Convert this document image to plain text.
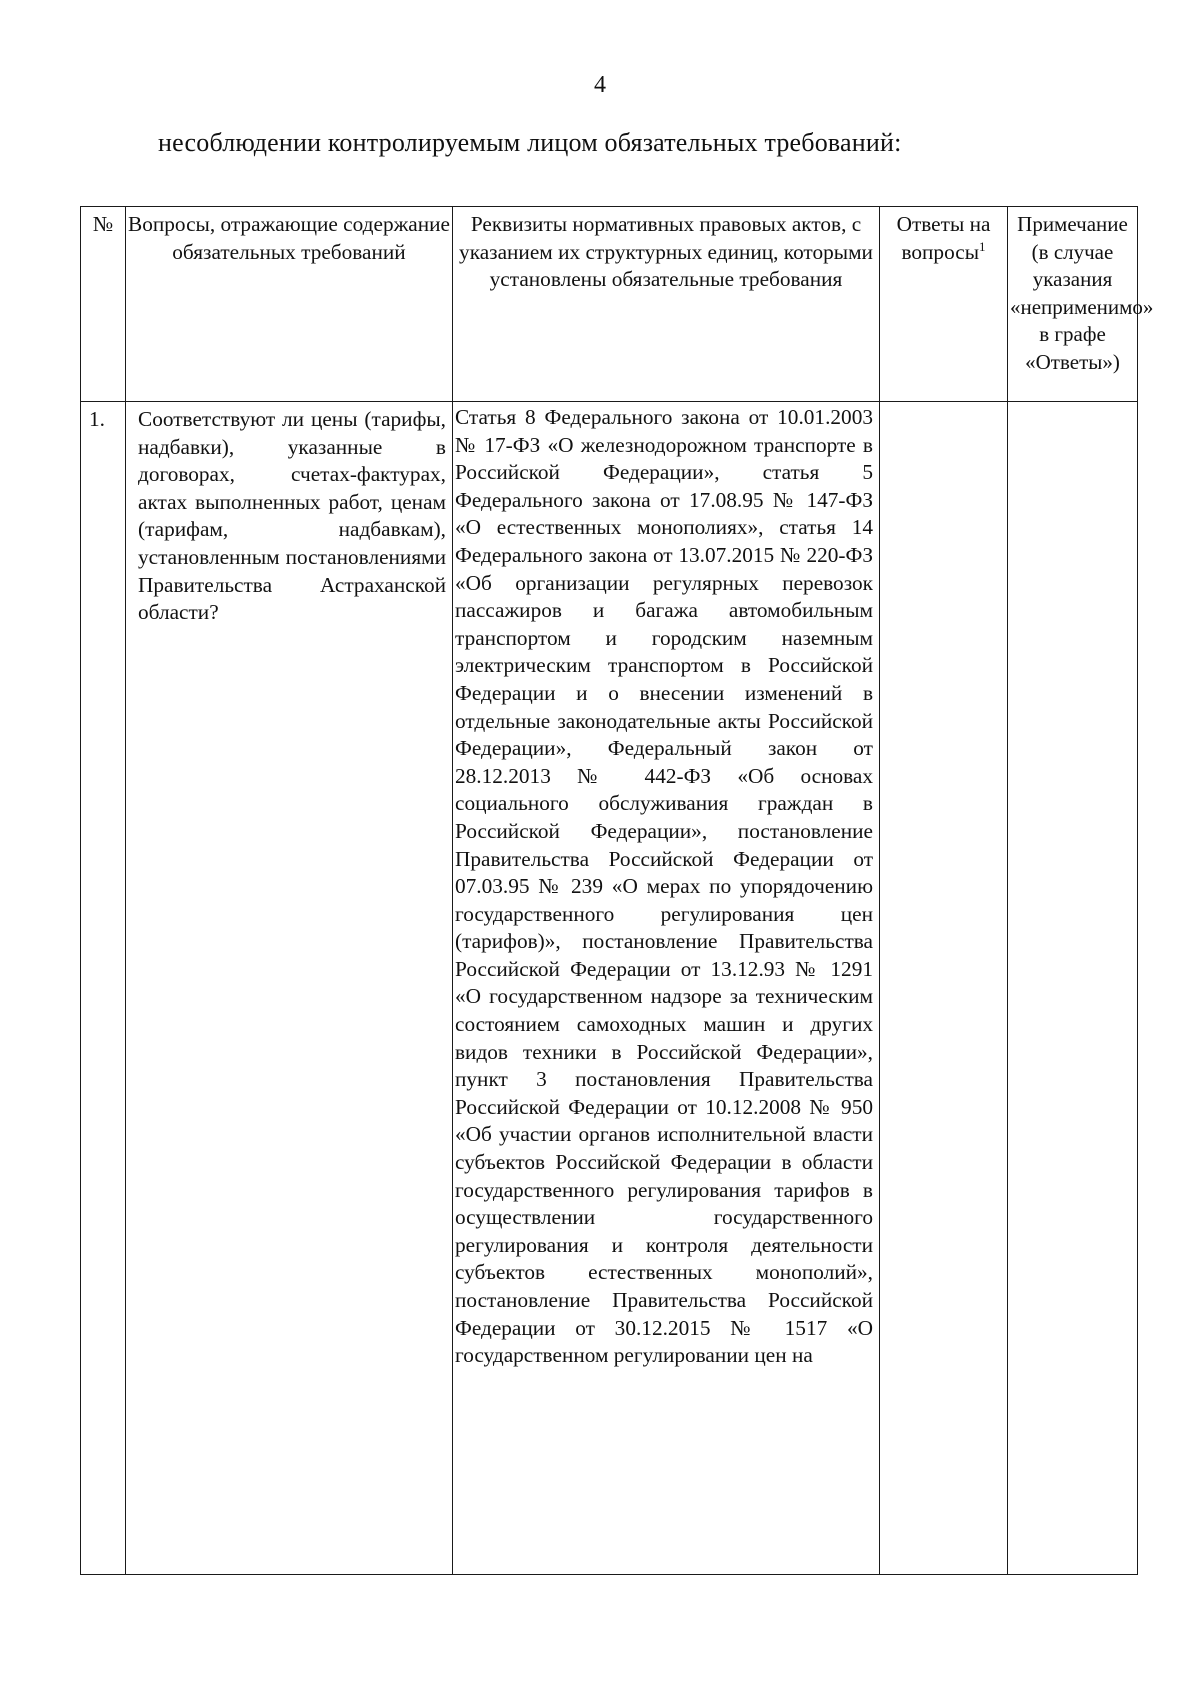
4
несоблюдении контролируемым лицом обязательных требований:
№	Вопросы, отражающие содержание обязательных требований	Реквизиты нормативных правовых актов, с указанием их структурных единиц, которыми установлены обязательные требования	Ответы на вопросы$^1$	Примечание (в случае указания «неприменимо» в графе «Ответы»)

1.	Соответствуют ли цены (тарифы, надбавки), указанные в договорах, счетах-фактурах, актах выполненных работ, ценам (тарифам, надбавкам), установленным постановлениями Правительства Астраханской области?	Статья 8 Федерального закона от 10.01.2003 № 17-ФЗ «О железнодорожном транспорте в Российской Федерации», статья 5 Федерального закона от 17.08.95 № 147-ФЗ «О естественных монополиях», статья 14 Федерального закона от 13.07.2015 № 220-ФЗ «Об организации регулярных перевозок пассажиров и багажа автомобильным транспортом и городским наземным электрическим транспортом в Российской Федерации и о внесении изменений в отдельные законодательные акты Российской Федерации», Федеральный закон от 28.12.2013 № 442-ФЗ «Об основах социального обслуживания граждан в Российской Федерации», постановление Правительства Российской Федерации от 07.03.95 № 239 «О мерах по упорядочению государственного регулирования цен (тарифов)», постановление Правительства Российской Федерации от 13.12.93 № 1291 «О государственном надзоре за техническим состоянием самоходных машин и других видов техники в Российской Федерации», пункт 3 постановления Правительства Российской Федерации от 10.12.2008 № 950 «Об участии органов исполнительной власти субъектов Российской Федерации в области государственного регулирования тарифов в осуществлении государственного регулирования и контроля деятельности субъектов естественных монополий», постановление Правительства Российской Федерации от 30.12.2015 № 1517 «О государственном регулировании цен на		
